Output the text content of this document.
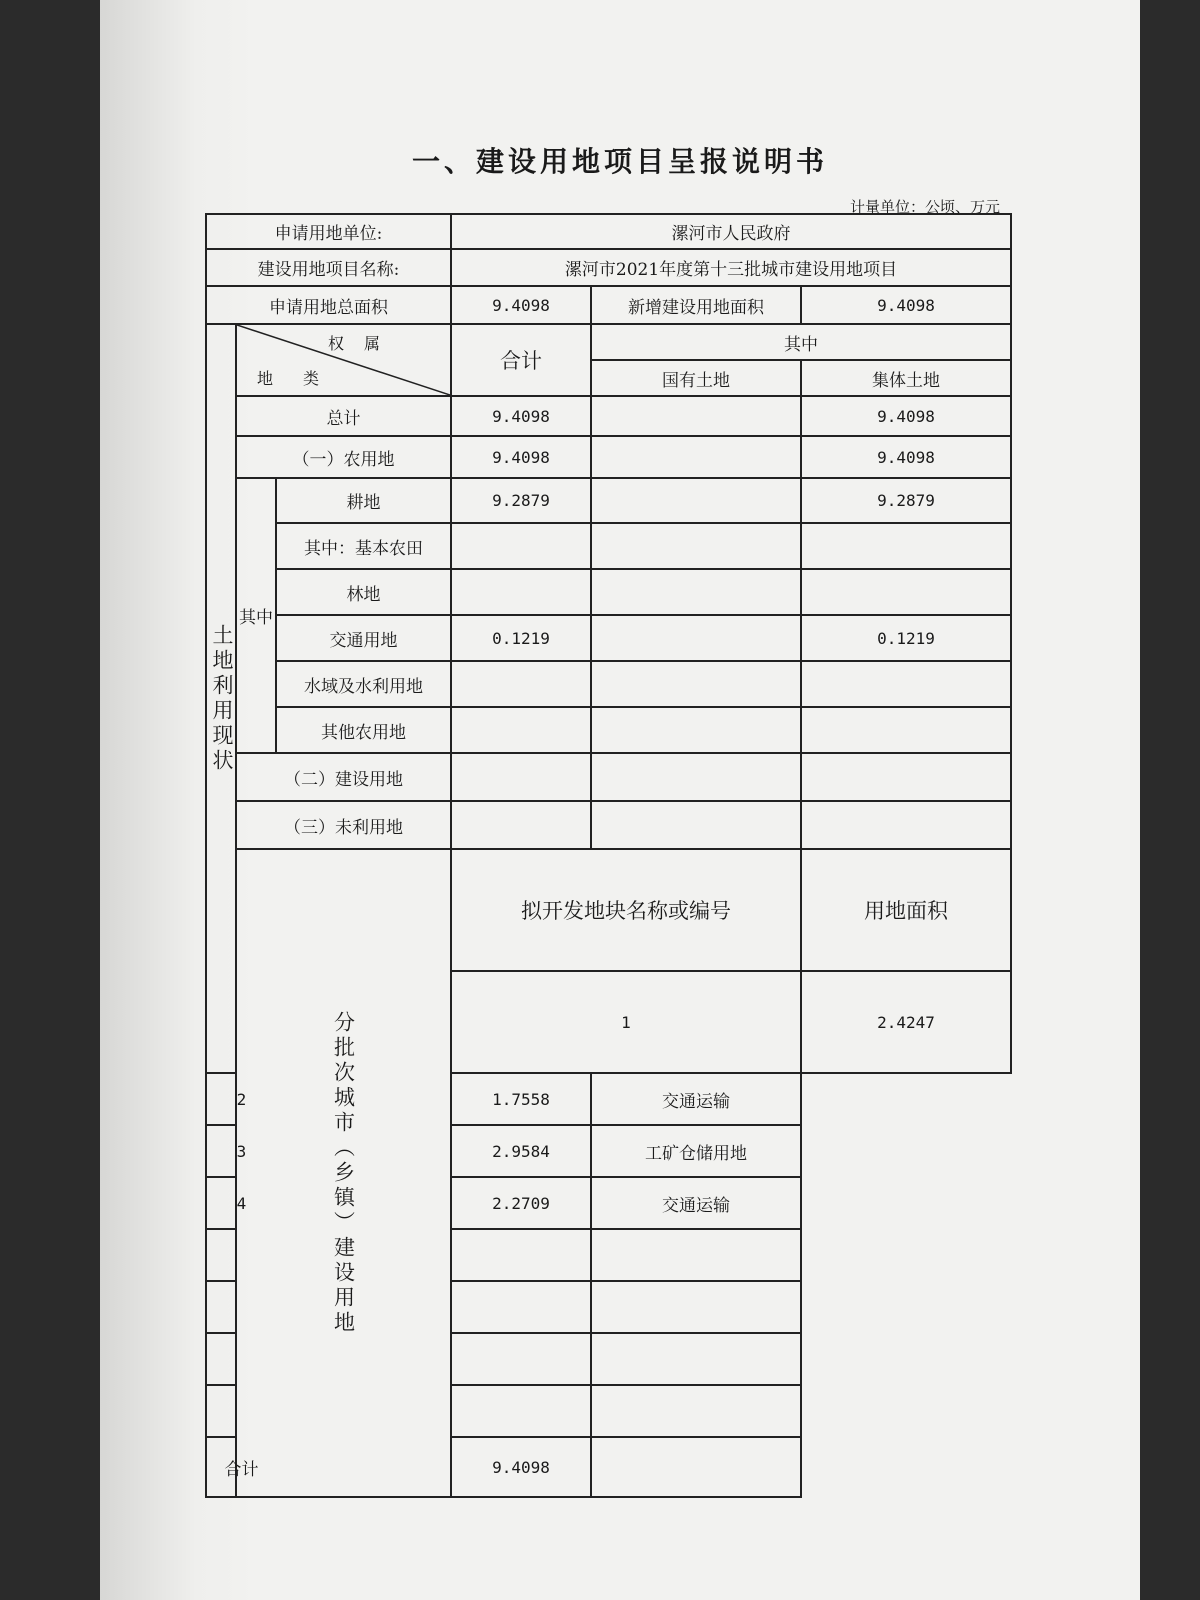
一、建设用地项目呈报说明书
计量单位：公顷、万元
申请用地单位:			漯河市人民政府			
建设用地项目名称:			漯河市2021年度第十三批城市建设用地项目			
申请用地总面积			9.4098	新增建设用地面积	9.4098	

土地利用现状	权属
地类		合计	其中		
				国有土地	集体土地	
	总计		9.4098		9.4098	
	（一）农用地		9.4098		9.4098	
	其中	耕地	9.2879		9.2879	
		其中：基本农田				
		林地				
		交通用地	0.1219		0.1219	
		水域及水利用地				
		其他农用地				
	（二）建设用地					
	（三）未利用地					

	分批次城市（乡镇）建设用地		拟开发地块名称或编号		用地面积	
			1		2.4247	
2			1.7558	交通运输		
3			2.9584	工矿仓储用地		
4			2.2709	交通运输		

合计			9.4098			
